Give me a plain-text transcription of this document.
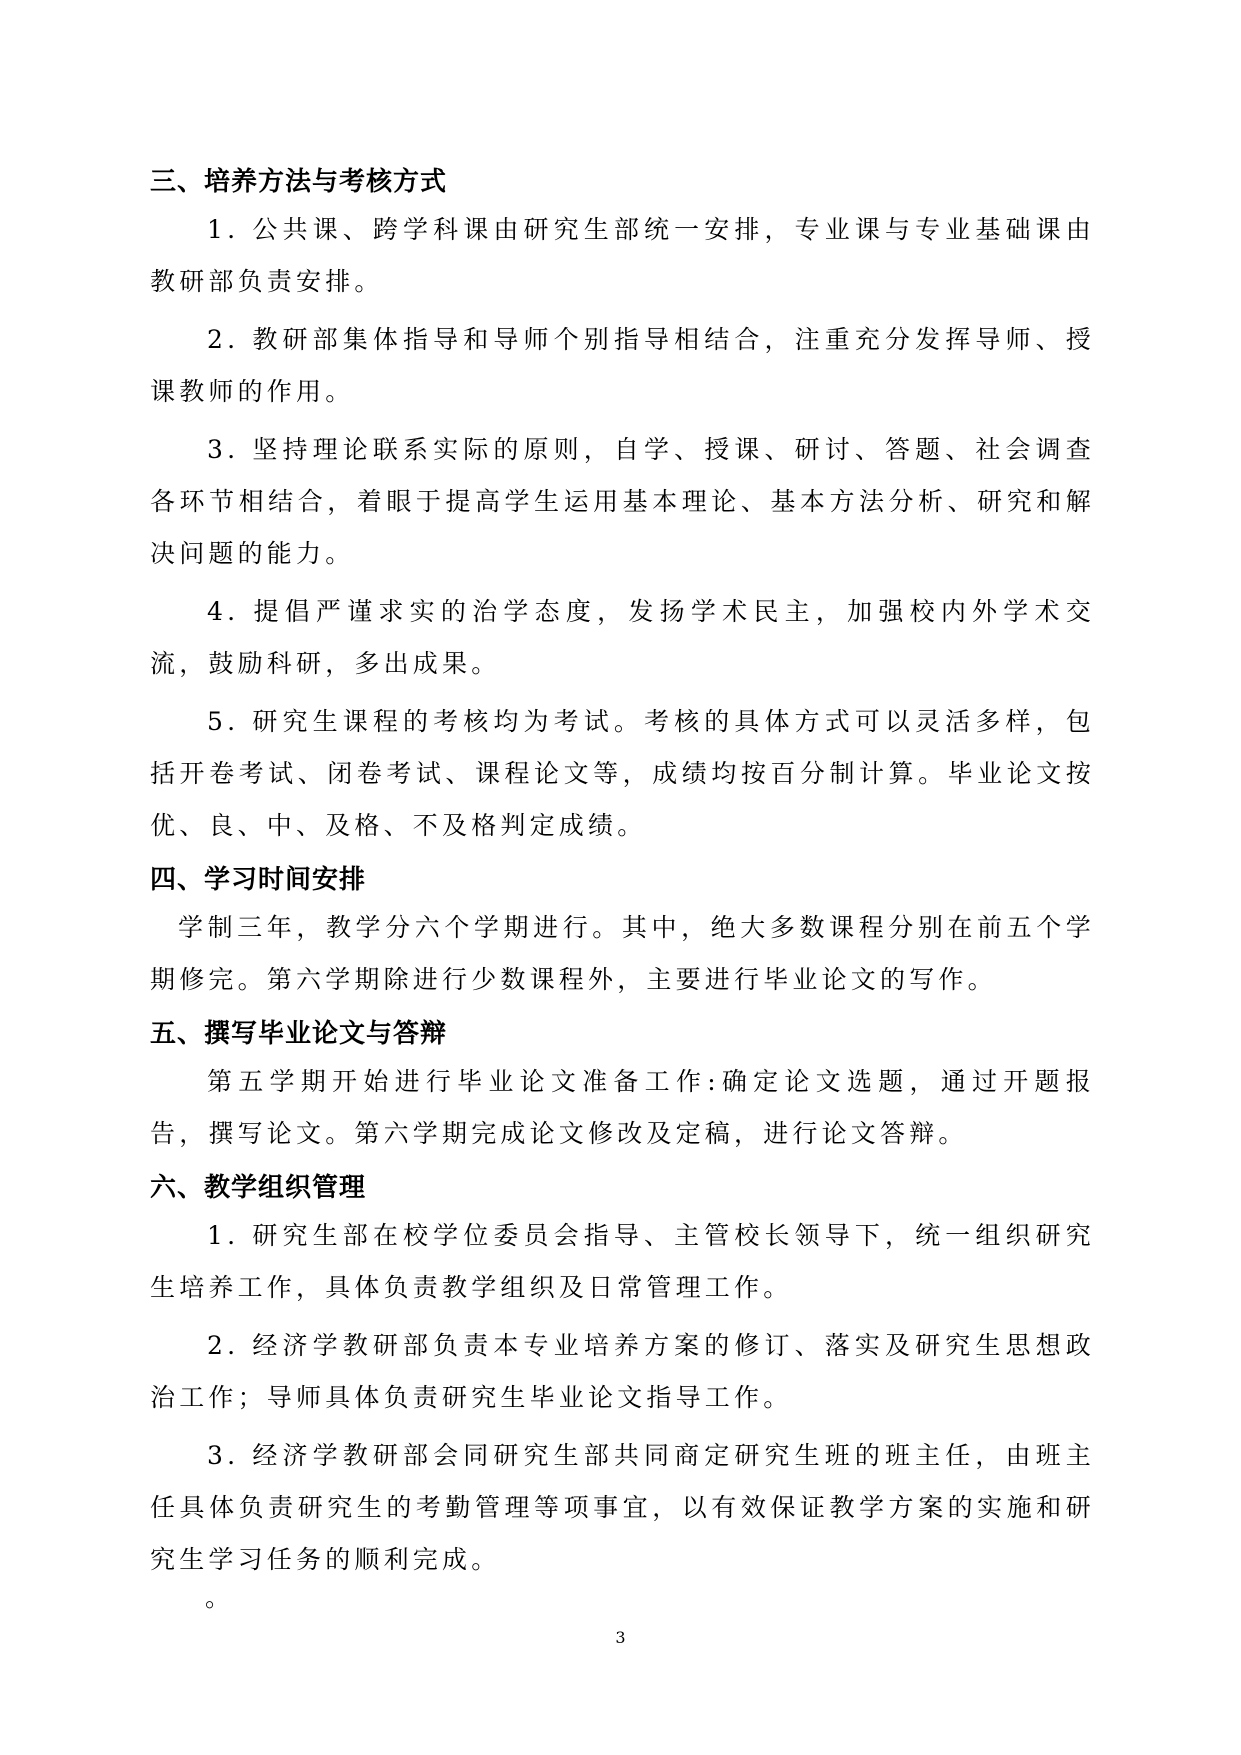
三、培养方法与考核方式

1. 公共课、跨学科课由研究生部统一安排，专业课与专业基础课由教研部负责安排。

2. 教研部集体指导和导师个别指导相结合，注重充分发挥导师、授课教师的作用。

3. 坚持理论联系实际的原则，自学、授课、研讨、答题、社会调查各环节相结合，着眼于提高学生运用基本理论、基本方法分析、研究和解决问题的能力。

4. 提倡严谨求实的治学态度，发扬学术民主，加强校内外学术交流，鼓励科研，多出成果。

5. 研究生课程的考核均为考试。考核的具体方式可以灵活多样，包括开卷考试、闭卷考试、课程论文等，成绩均按百分制计算。毕业论文按优、良、中、及格、不及格判定成绩。

四、学习时间安排

学制三年，教学分六个学期进行。其中，绝大多数课程分别在前五个学期修完。第六学期除进行少数课程外，主要进行毕业论文的写作。

五、撰写毕业论文与答辩

第五学期开始进行毕业论文准备工作:确定论文选题，通过开题报告，撰写论文。第六学期完成论文修改及定稿，进行论文答辩。

六、教学组织管理

1. 研究生部在校学位委员会指导、主管校长领导下，统一组织研究生培养工作，具体负责教学组织及日常管理工作。

2. 经济学教研部负责本专业培养方案的修订、落实及研究生思想政治工作；导师具体负责研究生毕业论文指导工作。

3. 经济学教研部会同研究生部共同商定研究生班的班主任，由班主任具体负责研究生的考勤管理等项事宜，以有效保证教学方案的实施和研究生学习任务的顺利完成。

。
3
